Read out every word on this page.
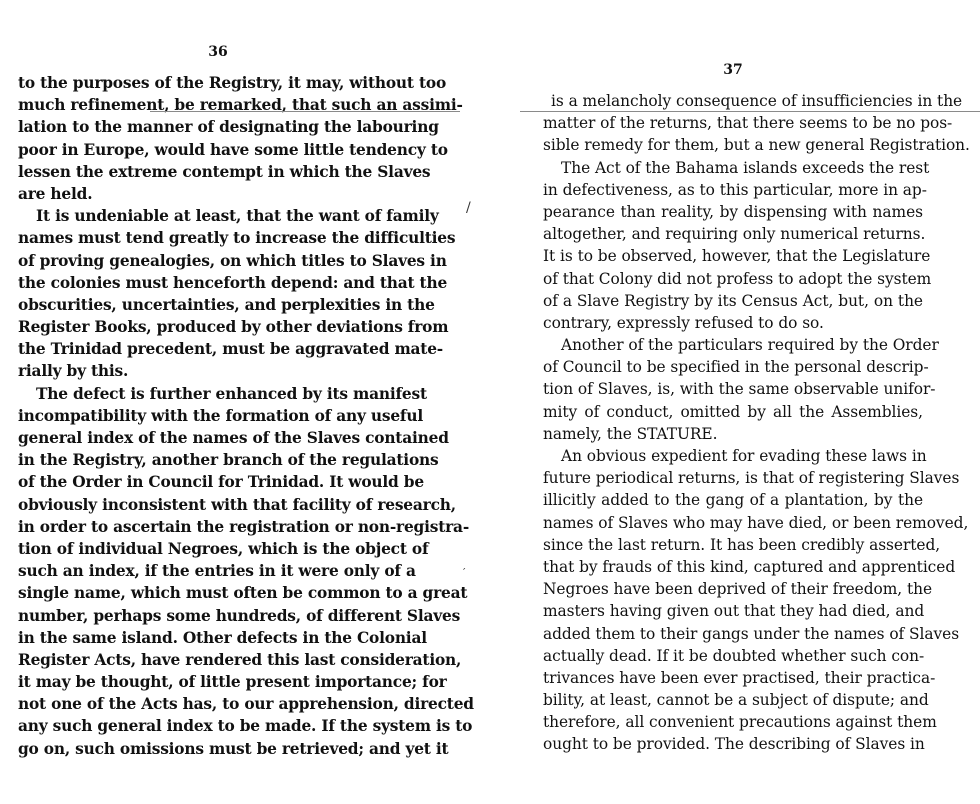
36
to the purposes of the Registry, it may, without too
much refinement, be remarked, that such an assimi-
lation to the manner of designating the labouring
poor in Europe, would have some little tendency to
lessen the extreme contempt in which the Slaves
are held.
It is undeniable at least, that the want of family
names must tend greatly to increase the difficulties
of proving genealogies, on which titles to Slaves in
the colonies must henceforth depend: and that the
obscurities, uncertainties, and perplexities in the
Register Books, produced by other deviations from
the Trinidad precedent, must be aggravated mate-
rially by this.
The defect is further enhanced by its manifest
incompatibility with the formation of any useful
general index of the names of the Slaves contained
in the Registry, another branch of the regulations
of the Order in Council for Trinidad. It would be
obviously inconsistent with that facility of research,
in order to ascertain the registration or non-registra-
tion of individual Negroes, which is the object of
such an index, if the entries in it were only of a
single name, which must often be common to a great
number, perhaps some hundreds, of different Slaves
in the same island. Other defects in the Colonial
Register Acts, have rendered this last consideration,
it may be thought, of little present importance; for
not one of the Acts has, to our apprehension, directed
any such general index to be made. If the system is to
go on, such omissions must be retrieved; and yet it
/
′
37
is a melancholy consequence of insufficiencies in the
matter of the returns, that there seems to be no pos-
sible remedy for them, but a new general Registration.
The Act of the Bahama islands exceeds the rest
in defectiveness, as to this particular, more in ap-
pearance than reality, by dispensing with names
altogether, and requiring only numerical returns.
It is to be observed, however, that the Legislature
of that Colony did not profess to adopt the system
of a Slave Registry by its Census Act, but, on the
contrary, expressly refused to do so.
Another of the particulars required by the Order
of Council to be specified in the personal descrip-
tion of Slaves, is, with the same observable unifor-
mity of conduct, omitted by all the Assemblies,
namely, the STATURE.
An obvious expedient for evading these laws in
future periodical returns, is that of registering Slaves
illicitly added to the gang of a plantation, by the
names of Slaves who may have died, or been removed,
since the last return. It has been credibly asserted,
that by frauds of this kind, captured and apprenticed
Negroes have been deprived of their freedom, the
masters having given out that they had died, and
added them to their gangs under the names of Slaves
actually dead. If it be doubted whether such con-
trivances have been ever practised, their practica-
bility, at least, cannot be a subject of dispute; and
therefore, all convenient precautions against them
ought to be provided. The describing of Slaves in
